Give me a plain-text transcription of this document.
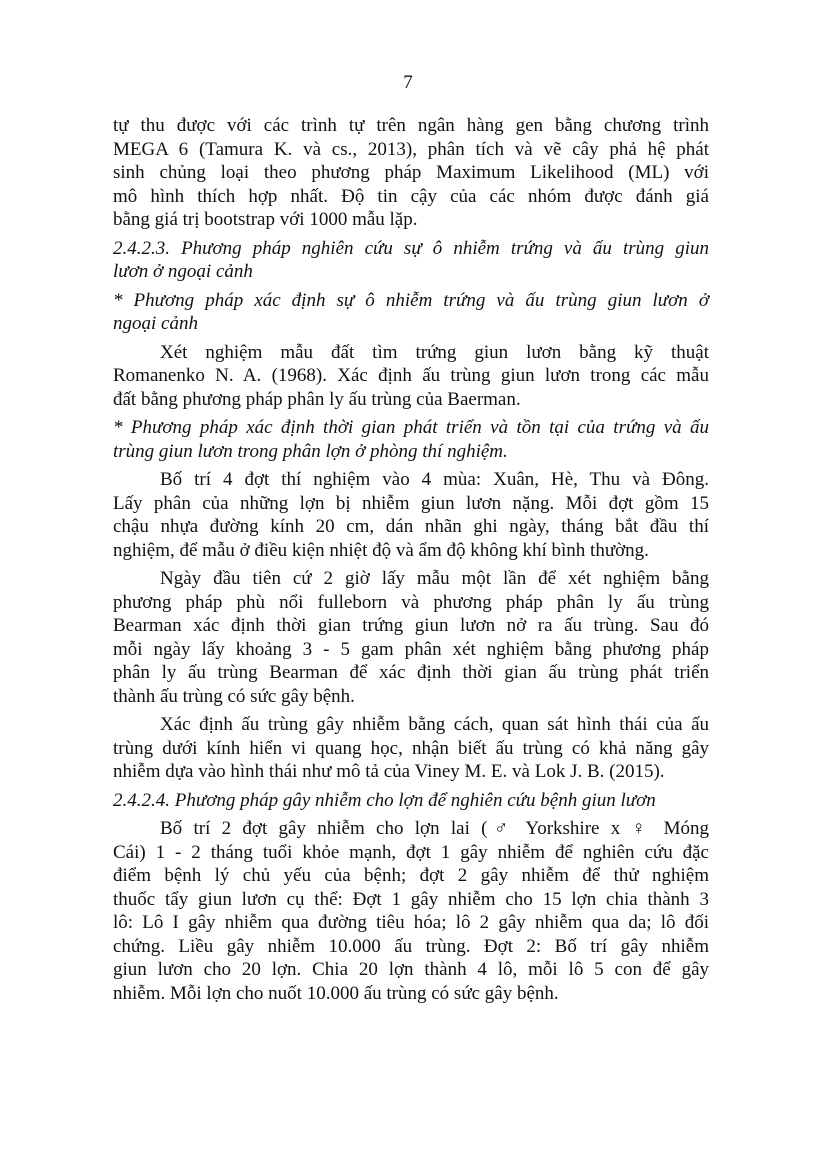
7
tự thu được với các trình tự trên ngân hàng gen bằng chương trình
MEGA 6 (Tamura K. và cs., 2013), phân tích và vẽ cây phả hệ phát
sinh chủng loại theo phương pháp Maximum Likelihood (ML) với
mô hình thích hợp nhất. Độ tin cậy của các nhóm được đánh giá
bằng giá trị bootstrap với 1000 mẫu lặp.
2.4.2.3. Phương pháp nghiên cứu sự ô nhiễm trứng và ấu trùng giun
lươn ở ngoại cảnh
* Phương pháp xác định sự ô nhiễm trứng và ấu trùng giun lươn ở
ngoại cảnh
Xét nghiệm mẫu đất tìm trứng giun lươn bằng kỹ thuật
Romanenko N. A. (1968). Xác định ấu trùng giun lươn trong các mẫu
đất bằng phương pháp phân ly ấu trùng của Baerman.
* Phương pháp xác định thời gian phát triển và tồn tại của trứng và ấu
trùng giun lươn trong phân lợn ở phòng thí nghiệm.
Bố trí 4 đợt thí nghiệm vào 4 mùa: Xuân, Hè, Thu và Đông.
Lấy phân của những lợn bị nhiễm giun lươn nặng. Mỗi đợt gồm 15
chậu nhựa đường kính 20 cm, dán nhãn ghi ngày, tháng bắt đầu thí
nghiệm, để mẫu ở điều kiện nhiệt độ và ẩm độ không khí bình thường.
Ngày đầu tiên cứ 2 giờ lấy mẫu một lần để xét nghiệm bằng
phương pháp phù nổi fulleborn và phương pháp phân ly ấu trùng
Bearman xác định thời gian trứng giun lươn nở ra ấu trùng. Sau đó
mỗi ngày lấy khoảng 3 - 5 gam phân xét nghiệm bằng phương pháp
phân ly ấu trùng Bearman để xác định thời gian ấu trùng phát triển
thành ấu trùng có sức gây bệnh.
Xác định ấu trùng gây nhiễm bằng cách, quan sát hình thái của ấu
trùng dưới kính hiển vi quang học, nhận biết ấu trùng có khả năng gây
nhiễm dựa vào hình thái như mô tả của Viney M. E. và Lok J. B. (2015).
2.4.2.4. Phương pháp gây nhiễm cho lợn để nghiên cứu bệnh giun lươn
Bố trí 2 đợt gây nhiễm cho lợn lai (♂ Yorkshire x ♀ Móng
Cái) 1 - 2 tháng tuổi khỏe mạnh, đợt 1 gây nhiễm để nghiên cứu đặc
điểm bệnh lý chủ yếu của bệnh; đợt 2 gây nhiễm để thử nghiệm
thuốc tẩy giun lươn cụ thể: Đợt 1 gây nhiễm cho 15 lợn chia thành 3
lô: Lô I gây nhiễm qua đường tiêu hóa; lô 2 gây nhiễm qua da; lô đối
chứng. Liều gây nhiễm 10.000 ấu trùng. Đợt 2: Bố trí gây nhiễm
giun lươn cho 20 lợn. Chia 20 lợn thành 4 lô, mỗi lô 5 con để gây
nhiễm. Mỗi lợn cho nuốt 10.000 ấu trùng có sức gây bệnh.
